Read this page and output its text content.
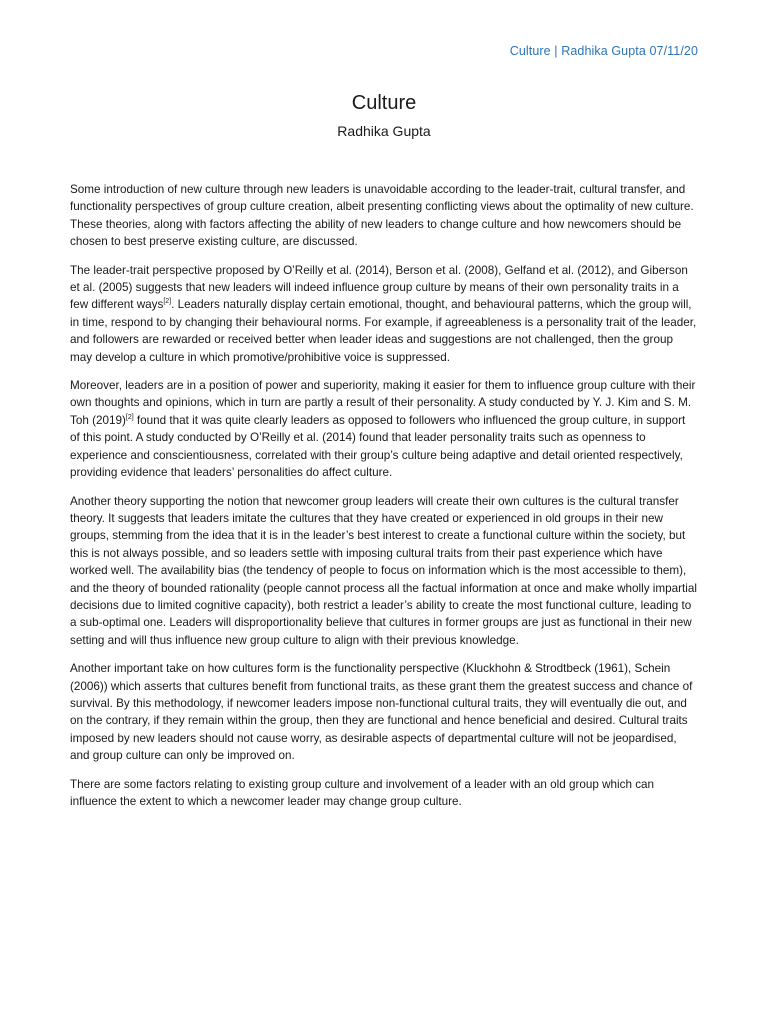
Culture | Radhika Gupta 07/11/20
Culture
Radhika Gupta

Some introduction of new culture through new leaders is unavoidable according to the leader-trait, cultural transfer, and functionality perspectives of group culture creation, albeit presenting conflicting views about the optimality of new culture. These theories, along with factors affecting the ability of new leaders to change culture and how newcomers should be chosen to best preserve existing culture, are discussed.

The leader-trait perspective proposed by O’Reilly et al. (2014), Berson et al. (2008), Gelfand et al. (2012), and Giberson et al. (2005) suggests that new leaders will indeed influence group culture by means of their own personality traits in a few different ways[2]. Leaders naturally display certain emotional, thought, and behavioural patterns, which the group will, in time, respond to by changing their behavioural norms. For example, if agreeableness is a personality trait of the leader, and followers are rewarded or received better when leader ideas and suggestions are not challenged, then the group may develop a culture in which promotive/prohibitive voice is suppressed.

Moreover, leaders are in a position of power and superiority, making it easier for them to influence group culture with their own thoughts and opinions, which in turn are partly a result of their personality. A study conducted by Y. J. Kim and S. M. Toh (2019)[2] found that it was quite clearly leaders as opposed to followers who influenced the group culture, in support of this point. A study conducted by O’Reilly et al. (2014) found that leader personality traits such as openness to experience and conscientiousness, correlated with their group’s culture being adaptive and detail oriented respectively, providing evidence that leaders’ personalities do affect culture.

Another theory supporting the notion that newcomer group leaders will create their own cultures is the cultural transfer theory. It suggests that leaders imitate the cultures that they have created or experienced in old groups in their new groups, stemming from the idea that it is in the leader’s best interest to create a functional culture within the society, but this is not always possible, and so leaders settle with imposing cultural traits from their past experience which have worked well. The availability bias (the tendency of people to focus on information which is the most accessible to them), and the theory of bounded rationality (people cannot process all the factual information at once and make wholly impartial decisions due to limited cognitive capacity), both restrict a leader’s ability to create the most functional culture, leading to a sub-optimal one. Leaders will disproportionality believe that cultures in former groups are just as functional in their new setting and will thus influence new group culture to align with their previous knowledge.

Another important take on how cultures form is the functionality perspective (Kluckhohn & Strodtbeck (1961), Schein (2006)) which asserts that cultures benefit from functional traits, as these grant them the greatest success and chance of survival. By this methodology, if newcomer leaders impose non-functional cultural traits, they will eventually die out, and on the contrary, if they remain within the group, then they are functional and hence beneficial and desired. Cultural traits imposed by new leaders should not cause worry, as desirable aspects of departmental culture will not be jeopardised, and group culture can only be improved on.

There are some factors relating to existing group culture and involvement of a leader with an old group which can influence the extent to which a newcomer leader may change group culture.
